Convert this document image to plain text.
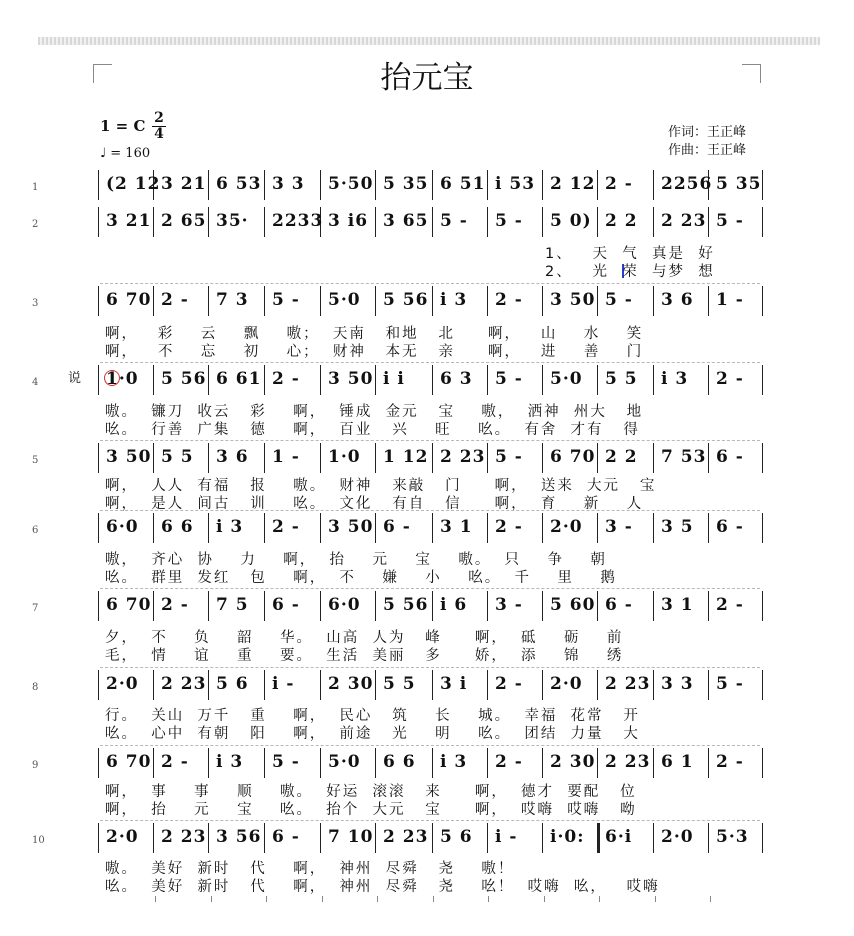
抬元宝
1 = C 2
4
♩ = 160
作词：王正峰
作曲：王正峰
说
1	(2 12 3 21 6 53 3 3 5·50 5 35 6 51 i 53 2 12 2 - 2256 5 35
2	3 21 2 65 35· 2233 3 i6 3 65 5 - 5 - 5 0) 2 2 2 23 5 -
3	6 70 2 - 7 3 5 - 5·0 5 56 i 3 2 - 3 50 5 - 3 6 1 -
4	1·0 5 56 6 61 2 - 3 50 i i 6 3 5 - 5·0 5 5 i 3 2 -
5	3 50 5 5 3 6 1 - 1·0 1 12 2 23 5 - 6 70 2 2 7 53 6 -
6	6·0 6 6 i 3 2 - 3 50 6 - 3 1 2 - 2·0 3 - 3 5 6 -
7	6 70 2 - 7 5 6 - 6·0 5 56 i 6 3 - 5 60 6 - 3 1 2 -
8	2·0 2 23 5 6 i - 2 30 5 5 3 i 2 - 2·0 2 23 3 3 5 -
9	6 70 2 - i 3 5 - 5·0 6 6 i 3 2 - 2 30 2 23 6 1 2 -
10	2·0 2 23 3 56 6 - 7 10 2 23 5 6 i - i·0: 6·i 2·0 5·3
1、   天  气  真是  好
2、   光  荣  与梦  想
啊，   彩    云    飘    嗷；  天南   和地   北     啊，   山    水    笑
啊，   不    忘    初    心；  财神   本无   亲     啊，   进    善    门
嗷。  镰刀  收云   彩    啊，  锤成  金元   宝    嗷，  洒神  州大   地
吆。  行善  广集   德    啊，  百业   兴    旺    吆。  有舍  才有   得
啊，  人人  有福   报    嗷。  财神   来敲   门     啊，  送来  大元   宝
啊，  是人  间古   训    吆。  文化   有自   信     啊，  育    新    人
嗷，  齐心  协    力    啊，  抬    元    宝    嗷。  只    争    朝
吆。  群里  发红   包    啊，  不    嫌    小    吆。  千    里    鹅
夕，  不    负    韶    华。  山高  人为   峰     啊，  砥    砺    前
毛，  情    谊    重    要。  生活  美丽   多     娇，  添    锦    绣
行。  关山  万千   重    啊，  民心   筑    长    城。  幸福  花常   开
吆。  心中  有朝   阳    啊，  前途   光    明    吆。  团结  力量   大
啊，  事    事    顺    嗷。  好运  滚滚   来     啊，  德才  要配   位
啊，  抬    元    宝    吆。  抬个  大元   宝     啊，  哎嗨  哎嗨   呦
嗷。  美好  新时   代    啊，  神州  尽舜   尧    嗷！
吆。  美好  新时   代    啊，  神州  尽舜   尧    吆！  哎嗨  吆，   哎嗨
